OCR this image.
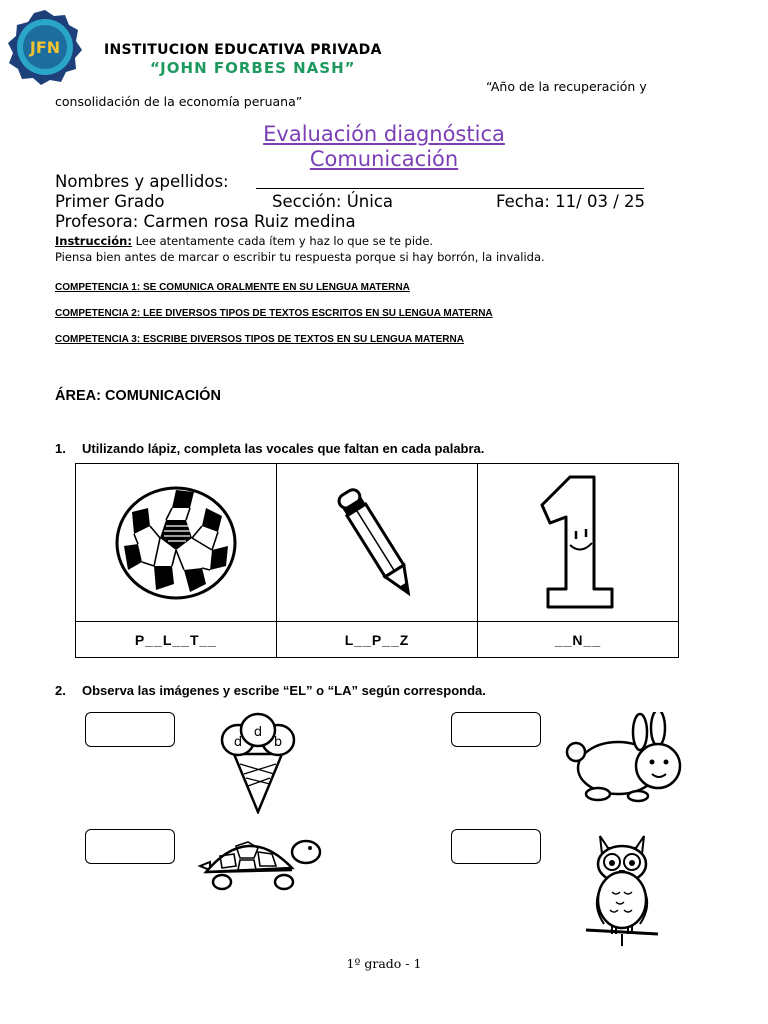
JFN	INSTITUCION EDUCATIVA PRIVADA
“JOHN FORBES NASH”
“Año de la recuperación y
consolidación de la economía peruana”
Evaluación diagnóstica
Comunicación
Nombres y apellidos:
Primer Grado	Sección: Única	Fecha: 11/ 03 / 25
Profesora: Carmen rosa Ruiz medina
Instrucción: Lee atentamente cada ítem y haz lo que se te pide.
Piensa bien antes de marcar o escribir tu respuesta porque si hay borrón, la invalida.
COMPETENCIA 1: SE COMUNICA ORALMENTE EN SU LENGUA MATERNA
COMPETENCIA 2: LEE DIVERSOS TIPOS DE TEXTOS ESCRITOS EN SU LENGUA MATERNA
COMPETENCIA 3: ESCRIBE DIVERSOS TIPOS DE TEXTOS EN SU LENGUA MATERNA
ÁREA: COMUNICACIÓN
1. Utilizando lápiz, completa las vocales que faltan en cada palabra.

P__L__T__	L__P__Z	__N__
2. Observa las imágenes y escribe “EL” o “LA” según corresponda.
d
d
b
1º grado - 1
